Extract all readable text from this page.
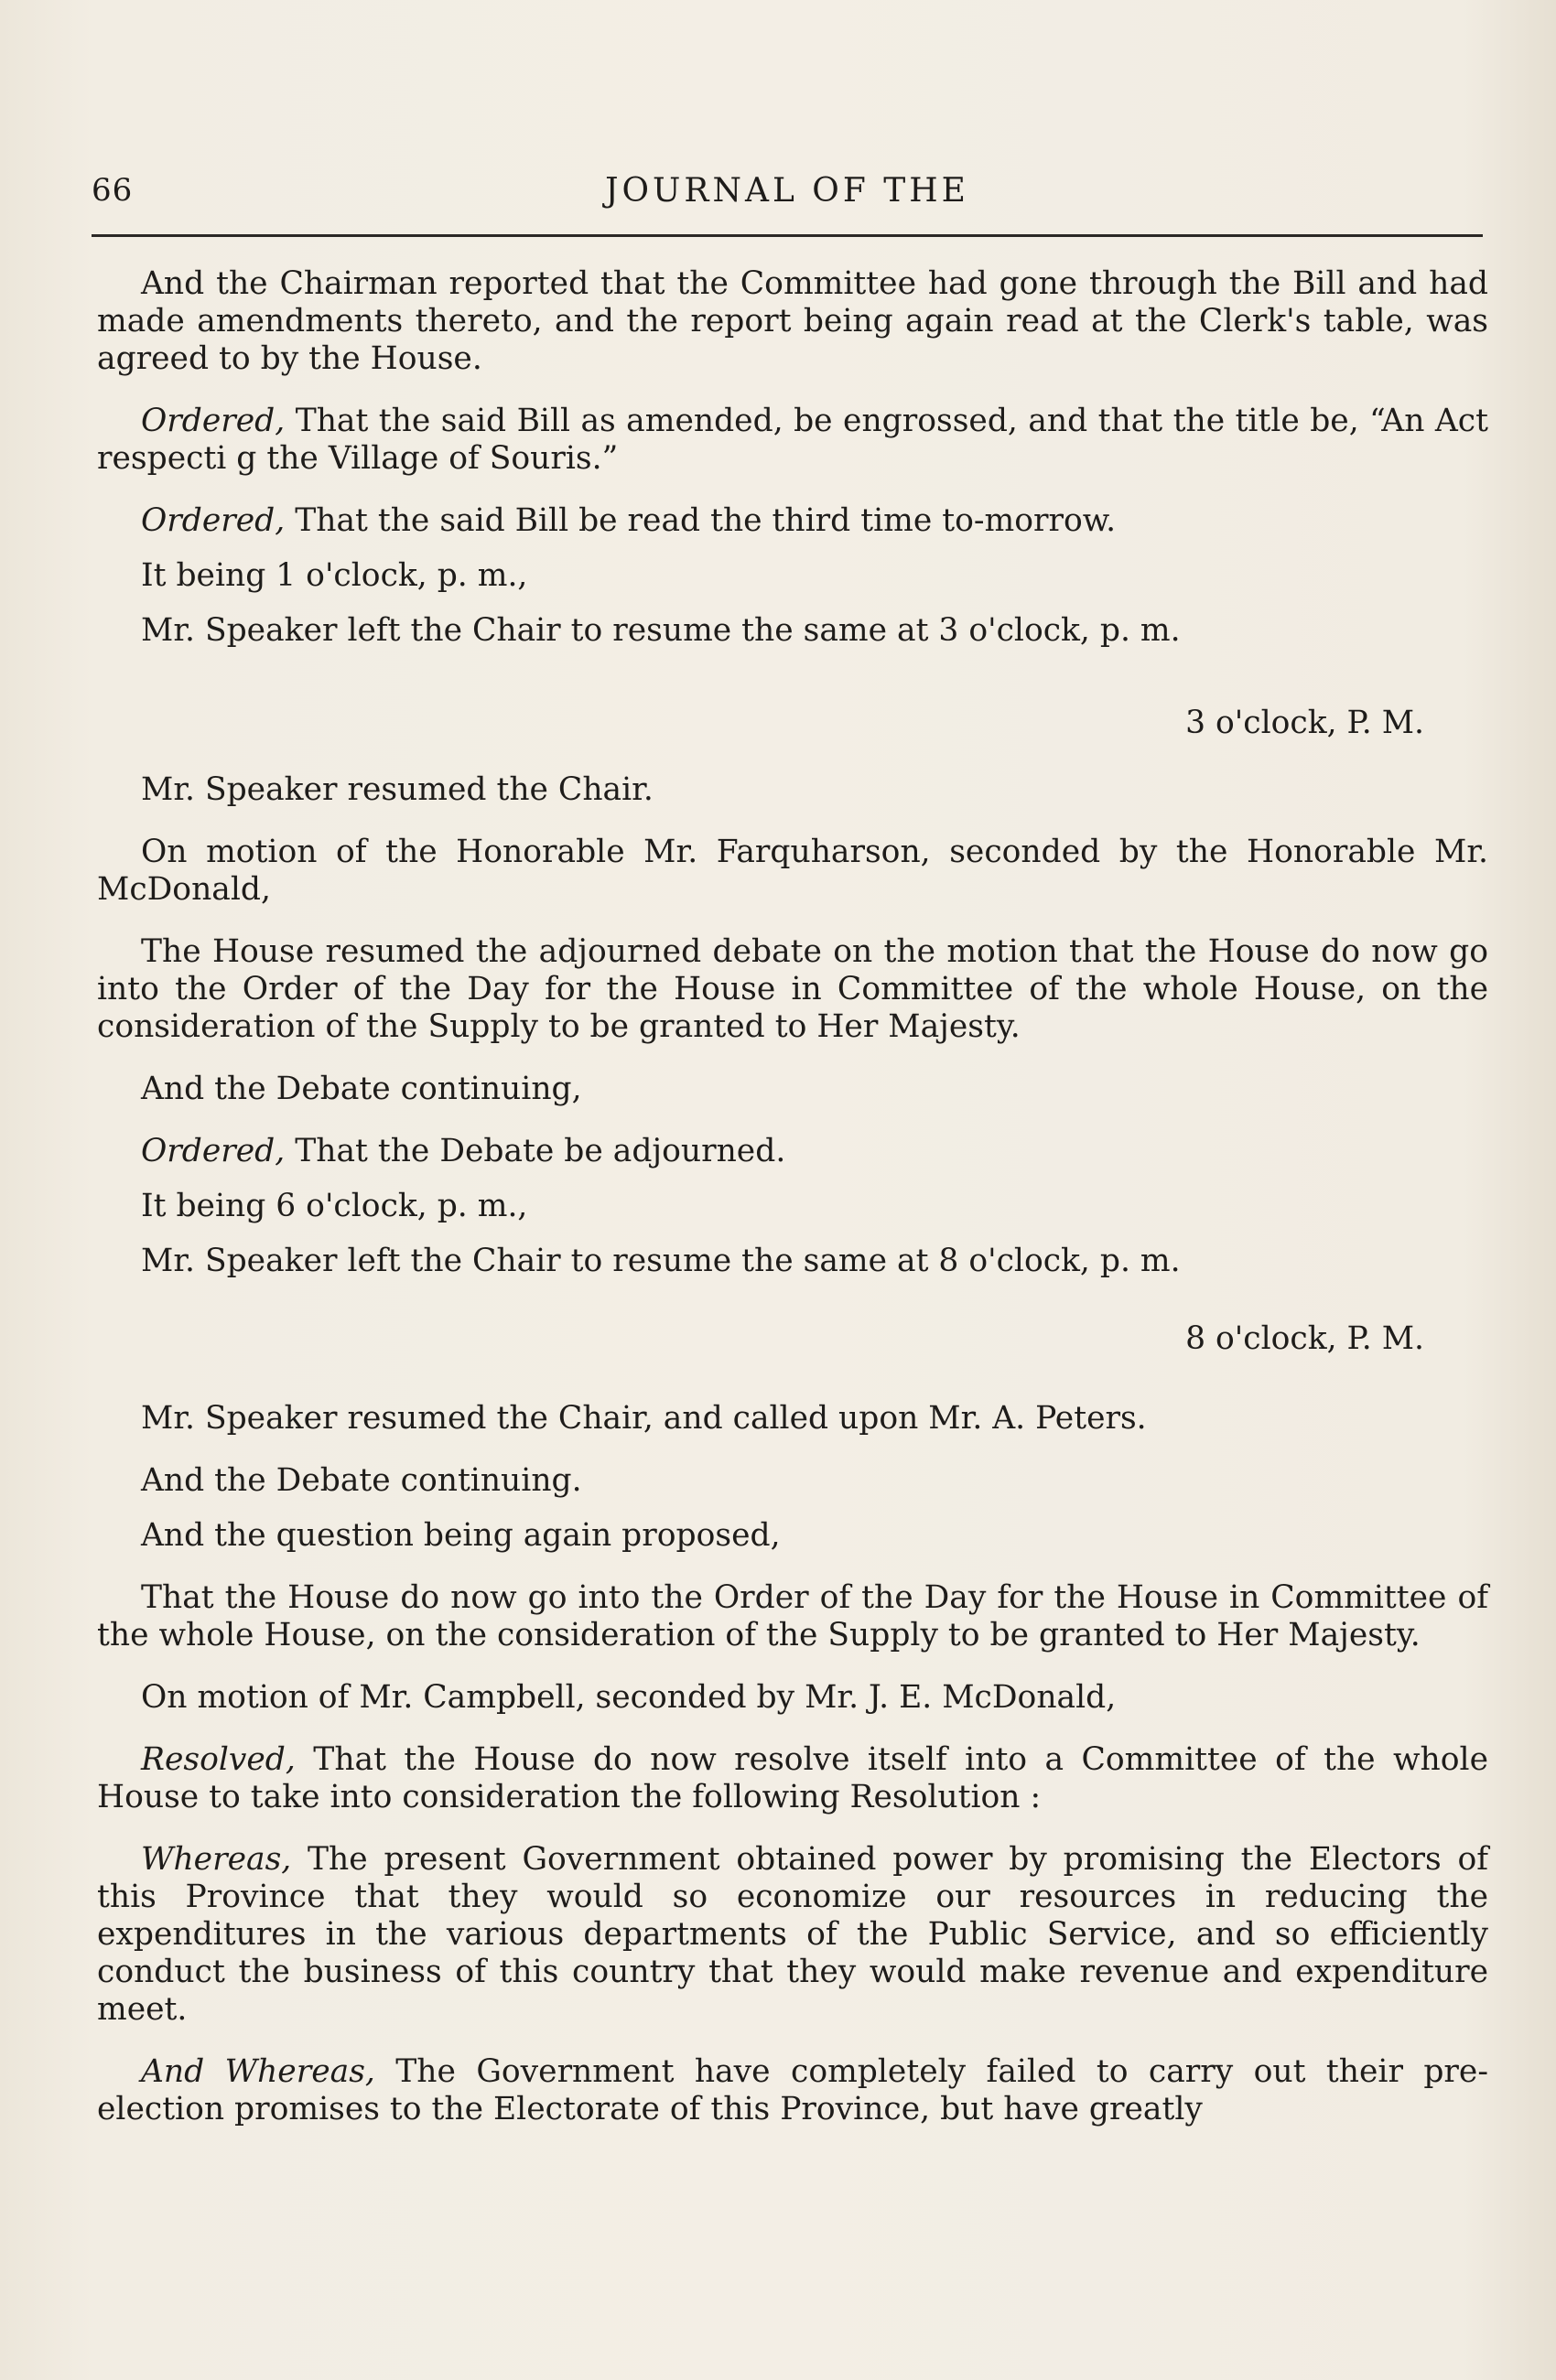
66	JOURNAL OF THE

And the Chairman reported that the Committee had gone through the Bill and had made amendments thereto, and the report being again read at the Clerk's table, was agreed to by the House.

Ordered, That the said Bill as amended, be engrossed, and that the title be, “An Act respecti g the Village of Souris.”

Ordered, That the said Bill be read the third time to-morrow.

It being 1 o'clock, p. m.,

Mr. Speaker left the Chair to resume the same at 3 o'clock, p. m.

3 o'clock, P. M.

Mr. Speaker resumed the Chair.

On motion of the Honorable Mr. Farquharson, seconded by the Honorable Mr. McDonald,

The House resumed the adjourned debate on the motion that the House do now go into the Order of the Day for the House in Committee of the whole House, on the consideration of the Supply to be granted to Her Majesty.

And the Debate continuing,

Ordered, That the Debate be adjourned.

It being 6 o'clock, p. m.,

Mr. Speaker left the Chair to resume the same at 8 o'clock, p. m.

8 o'clock, P. M.

Mr. Speaker resumed the Chair, and called upon Mr. A. Peters.

And the Debate continuing.

And the question being again proposed,

That the House do now go into the Order of the Day for the House in Committee of the whole House, on the consideration of the Supply to be granted to Her Majesty.

On motion of Mr. Campbell, seconded by Mr. J. E. McDonald,

Resolved, That the House do now resolve itself into a Committee of the whole House to take into consideration the following Resolution :

Whereas, The present Government obtained power by promising the Electors of this Province that they would so economize our resources in reducing the expenditures in the various departments of the Public Service, and so efficiently conduct the business of this country that they would make revenue and expenditure meet.

And Whereas, The Government have completely failed to carry out their pre-election promises to the Electorate of this Province, but have greatly
